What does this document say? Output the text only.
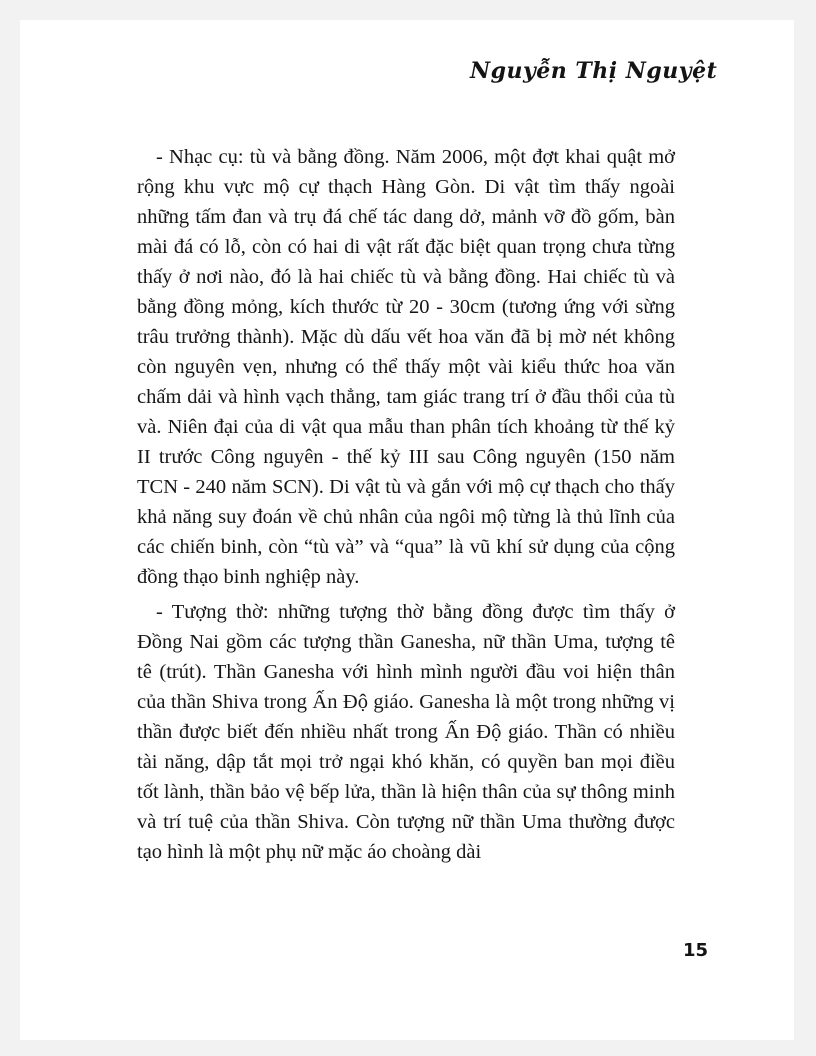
Nguyễn Thị Nguyệt

- Nhạc cụ: tù và bằng đồng. Năm 2006, một đợt khai quật mở rộng khu vực mộ cự thạch Hàng Gòn. Di vật tìm thấy ngoài những tấm đan và trụ đá chế tác dang dở, mảnh vỡ đồ gốm, bàn mài đá có lỗ, còn có hai di vật rất đặc biệt quan trọng chưa từng thấy ở nơi nào, đó là hai chiếc tù và bằng đồng. Hai chiếc tù và bằng đồng mỏng, kích thước từ 20 - 30cm (tương ứng với sừng trâu trưởng thành). Mặc dù dấu vết hoa văn đã bị mờ nét không còn nguyên vẹn, nhưng có thể thấy một vài kiểu thức hoa văn chấm dải và hình vạch thẳng, tam giác trang trí ở đầu thổi của tù và. Niên đại của di vật qua mẫu than phân tích khoảng từ thế kỷ II trước Công nguyên - thế kỷ III sau Công nguyên (150 năm TCN - 240 năm SCN). Di vật tù và gắn với mộ cự thạch cho thấy khả năng suy đoán về chủ nhân của ngôi mộ từng là thủ lĩnh của các chiến binh, còn “tù và” và “qua” là vũ khí sử dụng của cộng đồng thạo binh nghiệp này.

- Tượng thờ: những tượng thờ bằng đồng được tìm thấy ở Đồng Nai gồm các tượng thần Ganesha, nữ thần Uma, tượng tê tê (trút). Thần Ganesha với hình mình người đầu voi hiện thân của thần Shiva trong Ấn Độ giáo. Ganesha là một trong những vị thần được biết đến nhiều nhất trong Ấn Độ giáo. Thần có nhiều tài năng, dập tắt mọi trở ngại khó khăn, có quyền ban mọi điều tốt lành, thần bảo vệ bếp lửa, thần là hiện thân của sự thông minh và trí tuệ của thần Shiva. Còn tượng nữ thần Uma thường được tạo hình là một phụ nữ mặc áo choàng dài

15
